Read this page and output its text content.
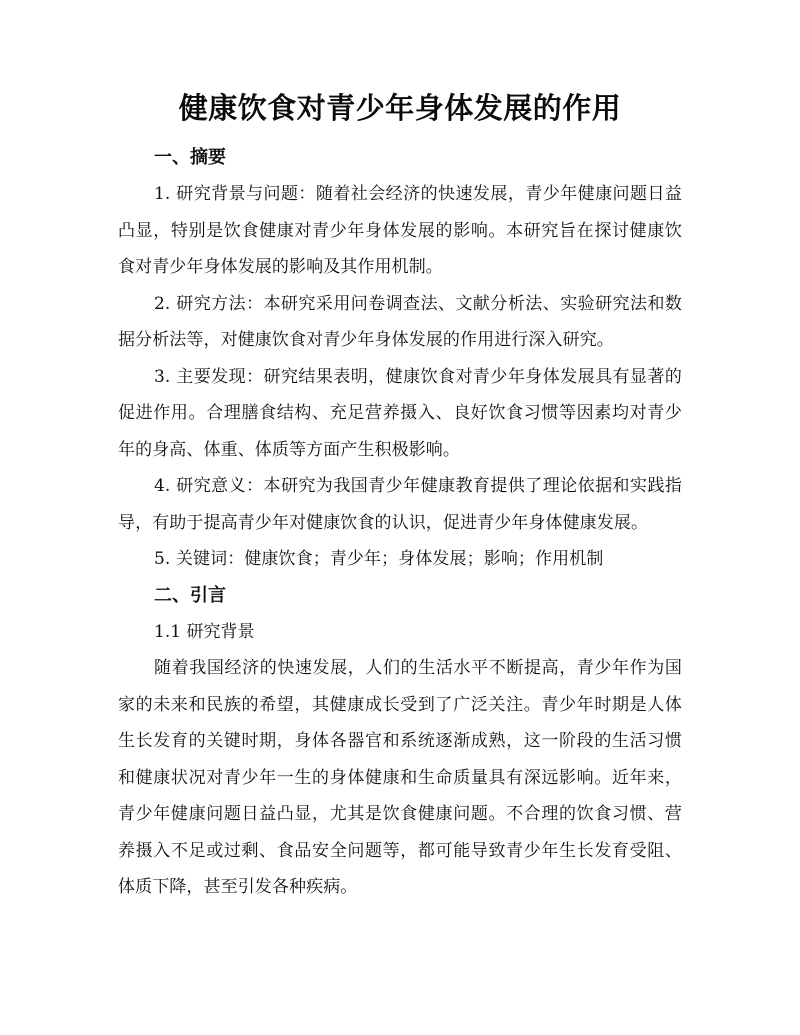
健康饮食对青少年身体发展的作用
一、摘要

1. 研究背景与问题：随着社会经济的快速发展，青少年健康问题日益凸显，特别是饮食健康对青少年身体发展的影响。本研究旨在探讨健康饮食对青少年身体发展的影响及其作用机制。

2. 研究方法：本研究采用问卷调查法、文献分析法、实验研究法和数据分析法等，对健康饮食对青少年身体发展的作用进行深入研究。

3. 主要发现：研究结果表明，健康饮食对青少年身体发展具有显著的促进作用。合理膳食结构、充足营养摄入、良好饮食习惯等因素均对青少年的身高、体重、体质等方面产生积极影响。

4. 研究意义：本研究为我国青少年健康教育提供了理论依据和实践指导，有助于提高青少年对健康饮食的认识，促进青少年身体健康发展。

5. 关键词：健康饮食；青少年；身体发展；影响；作用机制

二、引言
1.1 研究背景

随着我国经济的快速发展，人们的生活水平不断提高，青少年作为国家的未来和民族的希望，其健康成长受到了广泛关注。青少年时期是人体生长发育的关键时期，身体各器官和系统逐渐成熟，这一阶段的生活习惯和健康状况对青少年一生的身体健康和生命质量具有深远影响。近年来，青少年健康问题日益凸显，尤其是饮食健康问题。不合理的饮食习惯、营养摄入不足或过剩、食品安全问题等，都可能导致青少年生长发育受阻、体质下降，甚至引发各种疾病。
